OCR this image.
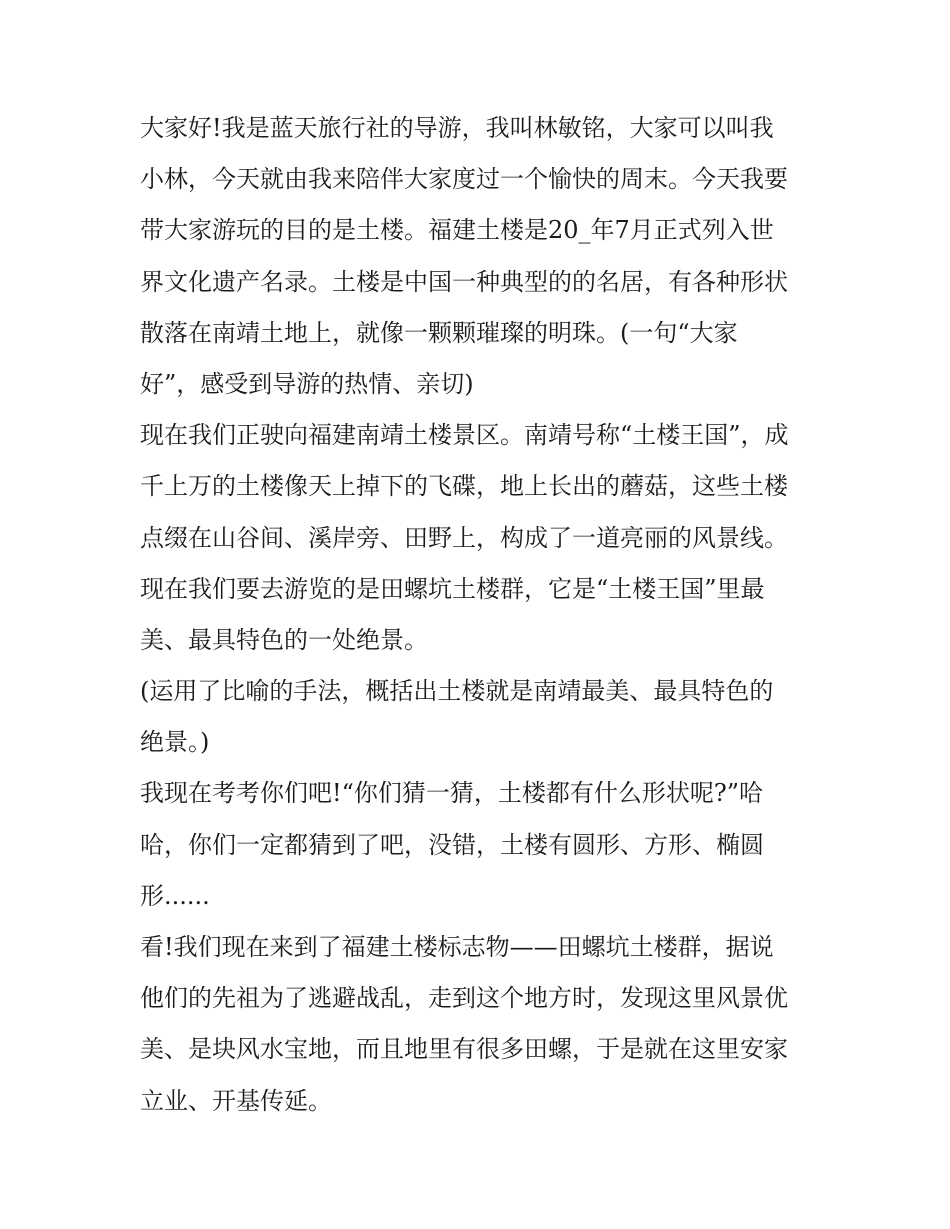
大家好!我是蓝天旅行社的导游，我叫林敏铭，大家可以叫我
小林，今天就由我来陪伴大家度过一个愉快的周末。今天我要
带大家游玩的目的是土楼。福建土楼是20_年7月正式列入世
界文化遗产名录。土楼是中国一种典型的的名居，有各种形状
散落在南靖土地上，就像一颗颗璀璨的明珠。(一句“大家
好”，感受到导游的热情、亲切)
现在我们正驶向福建南靖土楼景区。南靖号称“土楼王国”，成
千上万的土楼像天上掉下的飞碟，地上长出的蘑菇，这些土楼
点缀在山谷间、溪岸旁、田野上，构成了一道亮丽的风景线。
现在我们要去游览的是田螺坑土楼群，它是“土楼王国”里最
美、最具特色的一处绝景。
(运用了比喻的手法，概括出土楼就是南靖最美、最具特色的
绝景。)
我现在考考你们吧!“你们猜一猜，土楼都有什么形状呢?”哈
哈，你们一定都猜到了吧，没错，土楼有圆形、方形、椭圆
形......
看!我们现在来到了福建土楼标志物——田螺坑土楼群，据说
他们的先祖为了逃避战乱，走到这个地方时，发现这里风景优
美、是块风水宝地，而且地里有很多田螺，于是就在这里安家
立业、开基传延。
